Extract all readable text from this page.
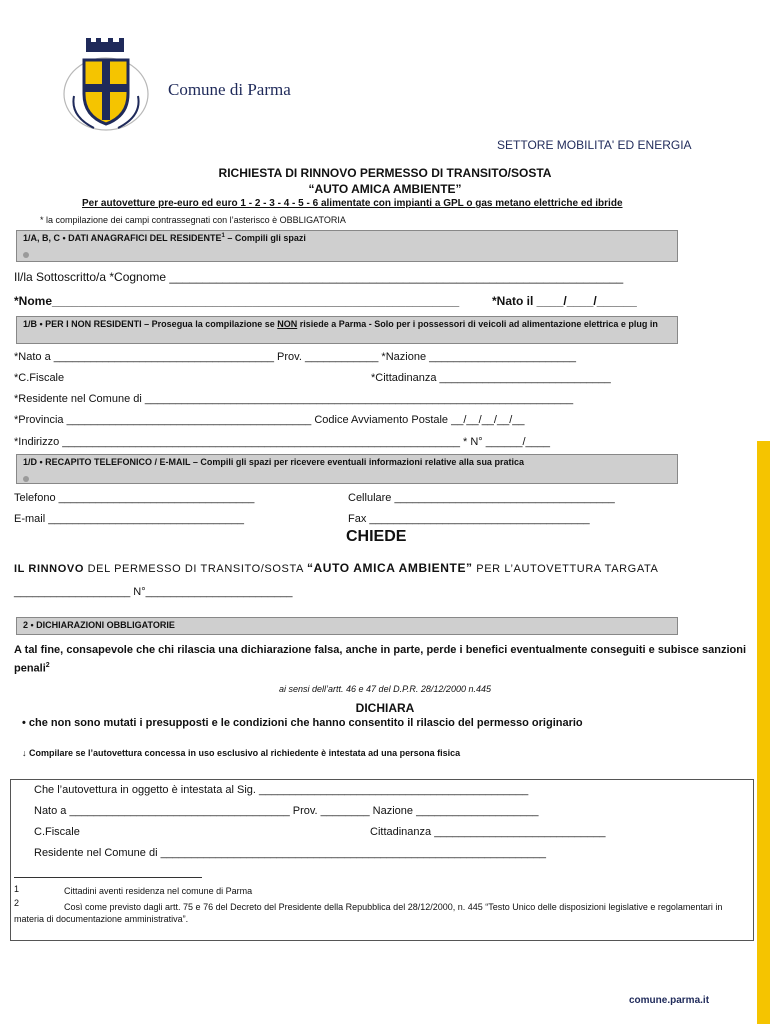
Comune di Parma
SETTORE MOBILITA' ED ENERGIA
RICHIESTA DI RINNOVO PERMESSO DI TRANSITO/SOSTA
“AUTO AMICA AMBIENTE”
Per autovetture pre-euro ed euro 1 - 2 - 3 - 4 - 5 - 6 alimentate con impianti a GPL o gas metano elettriche ed ibride
* la compilazione dei campi contrassegnati con l’asterisco è OBBLIGATORIA
1/A, B, C • DATI ANAGRAFICI DEL RESIDENTE$^1$ – Compili gli spazi
Il/la Sottoscritto/a *Cognome ____________________________________________________________________
*Nome_____________________________________________________________	*Nato il ____/____/______
1/B • PER I NON RESIDENTI – Prosegua la compilazione se NON risiede a Parma - Solo per i possessori di veicoli ad alimentazione elettrica e plug in
*Nato a ____________________________________ Prov. ____________ *Nazione ________________________
*C.Fiscale	*Cittadinanza ____________________________
*Residente nel Comune di ______________________________________________________________________
*Provincia ________________________________________ Codice Avviamento Postale __/__/__/__/__
*Indirizzo _________________________________________________________________ * N° ______/____
1/D • RECAPITO TELEFONICO / E-MAIL – Compili gli spazi per ricevere eventuali informazioni relative alla sua pratica
Telefono ________________________________	Cellulare ____________________________________
E-mail ________________________________	Fax ____________________________________
CHIEDE
IL RINNOVO DEL PERMESSO DI TRANSITO/SOSTA “AUTO AMICA AMBIENTE” PER L’AUTOVETTURA TARGATA
___________________ N°________________________
2 • DICHIARAZIONI OBBLIGATORIE
A tal fine, consapevole che chi rilascia una dichiarazione falsa, anche in parte, perde i benefici eventualmente conseguiti e subisce sanzioni penali$^2$
ai sensi dell’artt. 46 e 47 del D.P.R. 28/12/2000 n.445
DICHIARA
• che non sono mutati i presupposti e le condizioni che hanno consentito il rilascio del permesso originario
↓ Compilare se l’autovettura concessa in uso esclusivo al richiedente è intestata ad una persona fisica
Che l’autovettura in oggetto è intestata al Sig. ____________________________________________
Nato a ____________________________________ Prov. ________ Nazione ____________________
C.Fiscale	Cittadinanza ____________________________
Residente nel Comune di _______________________________________________________________
1	Cittadini aventi residenza nel comune di Parma
2	Così come previsto dagli artt. 75 e 76 del Decreto del Presidente della Repubblica del 28/12/2000, n. 445 “Testo Unico delle disposizioni legislative e regolamentari in materia di documentazione amministrativa”.
comune.parma.it
